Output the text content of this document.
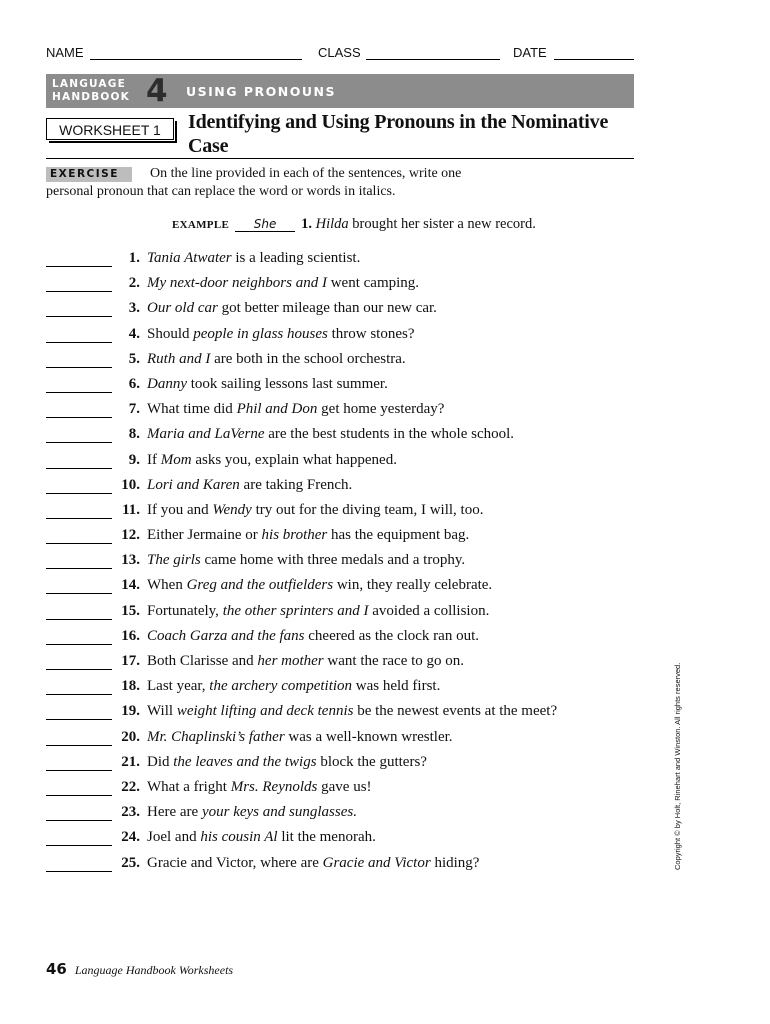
NAME	CLASS	DATE
LANGUAGE
HANDBOOK 4 USING PRONOUNS
WORKSHEET 1	Identifying and Using Pronouns in the Nominative Case
EXERCISE	On the line provided in each of the sentences, write one
personal pronoun that can replace the word or words in italics.
EXAMPLE She 1. Hilda brought her sister a new record.
1. Tania Atwater is a leading scientist.
2. My next-door neighbors and I went camping.
3. Our old car got better mileage than our new car.
4. Should people in glass houses throw stones?
5. Ruth and I are both in the school orchestra.
6. Danny took sailing lessons last summer.
7. What time did Phil and Don get home yesterday?
8. Maria and LaVerne are the best students in the whole school.
9. If Mom asks you, explain what happened.
10. Lori and Karen are taking French.
11. If you and Wendy try out for the diving team, I will, too.
12. Either Jermaine or his brother has the equipment bag.
13. The girls came home with three medals and a trophy.
14. When Greg and the outfielders win, they really celebrate.
15. Fortunately, the other sprinters and I avoided a collision.
16. Coach Garza and the fans cheered as the clock ran out.
17. Both Clarisse and her mother want the race to go on.
18. Last year, the archery competition was held first.
19. Will weight lifting and deck tennis be the newest events at the meet?
20. Mr. Chaplinski’s father was a well-known wrestler.
21. Did the leaves and the twigs block the gutters?
22. What a fright Mrs. Reynolds gave us!
23. Here are your keys and sunglasses.
24. Joel and his cousin Al lit the menorah.
25. Gracie and Victor, where are Gracie and Victor hiding?	Copyright © by Holt, Rinehart and Winston. All rights reserved.
46 Language Handbook Worksheets
